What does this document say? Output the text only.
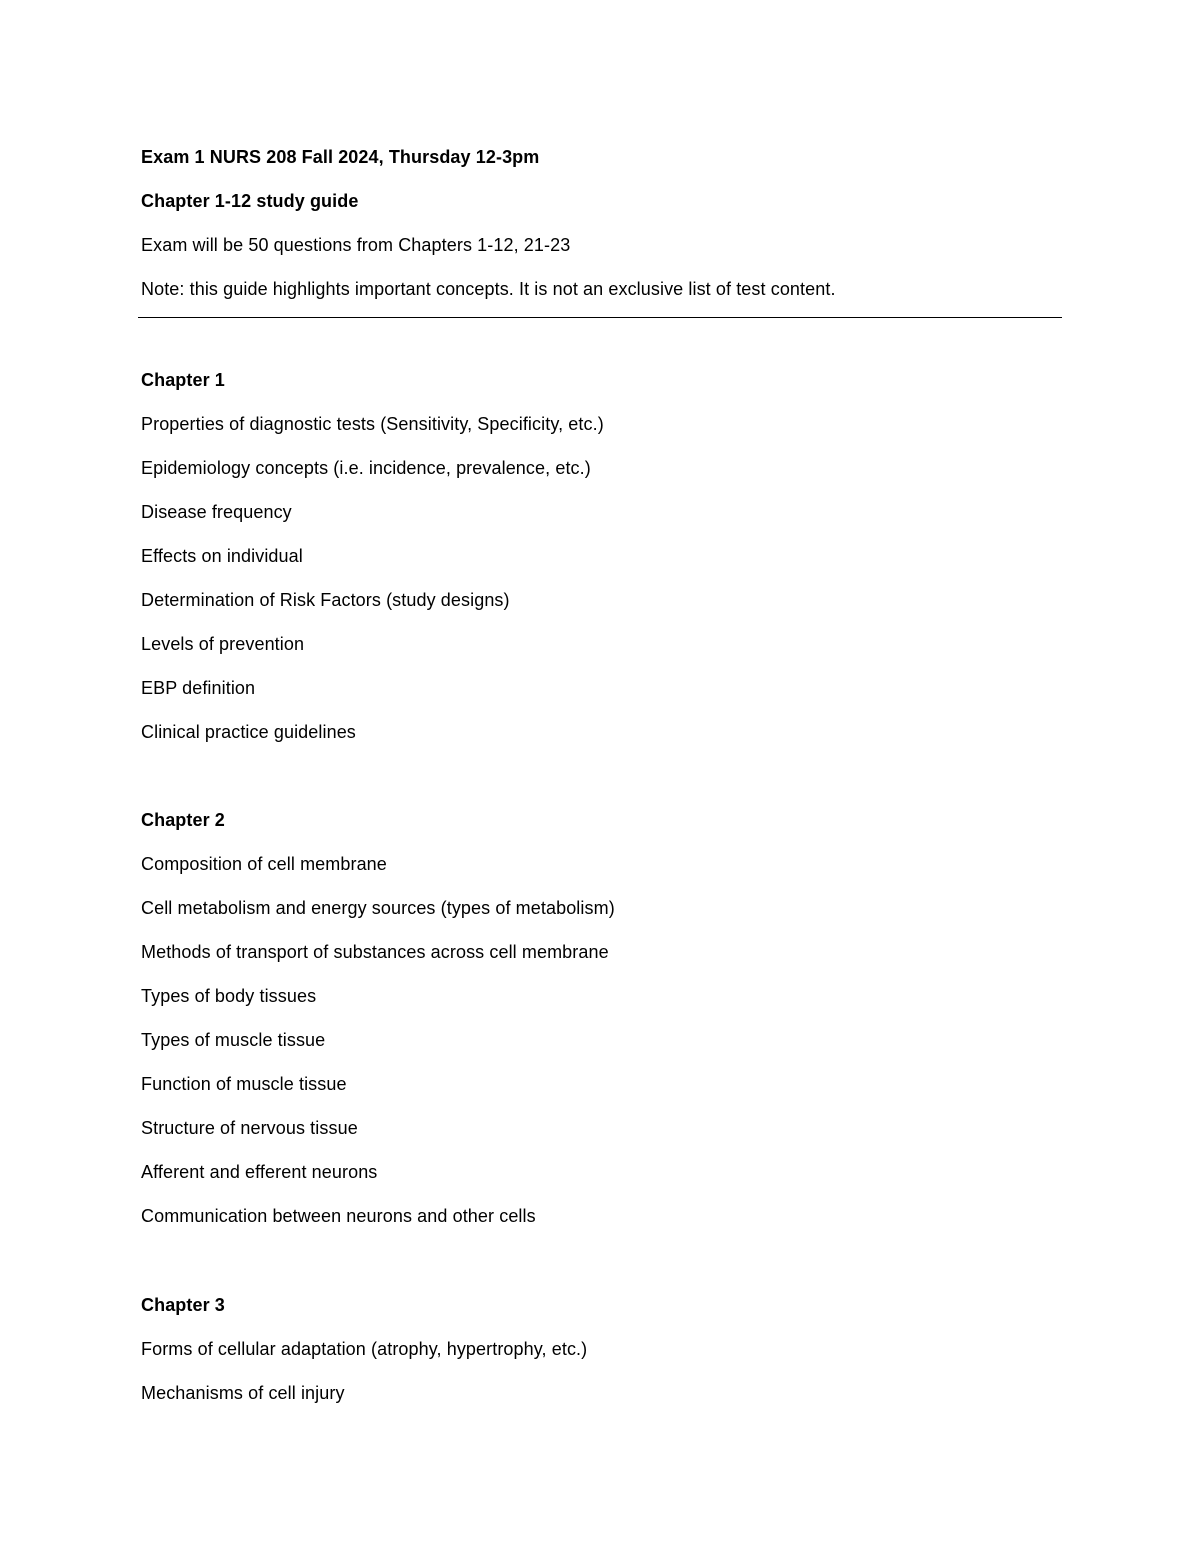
Exam 1 NURS 208 Fall 2024, Thursday 12-3pm
Chapter 1-12 study guide
Exam will be 50 questions from Chapters 1-12, 21-23
Note: this guide highlights important concepts. It is not an exclusive list of test content.
Chapter 1
Properties of diagnostic tests (Sensitivity, Specificity, etc.)
Epidemiology concepts (i.e. incidence, prevalence, etc.)
Disease frequency
Effects on individual
Determination of Risk Factors (study designs)
Levels of prevention
EBP definition
Clinical practice guidelines
Chapter 2
Composition of cell membrane
Cell metabolism and energy sources (types of metabolism)
Methods of transport of substances across cell membrane
Types of body tissues
Types of muscle tissue
Function of muscle tissue
Structure of nervous tissue
Afferent and efferent neurons
Communication between neurons and other cells
Chapter 3
Forms of cellular adaptation (atrophy, hypertrophy, etc.)
Mechanisms of cell injury
